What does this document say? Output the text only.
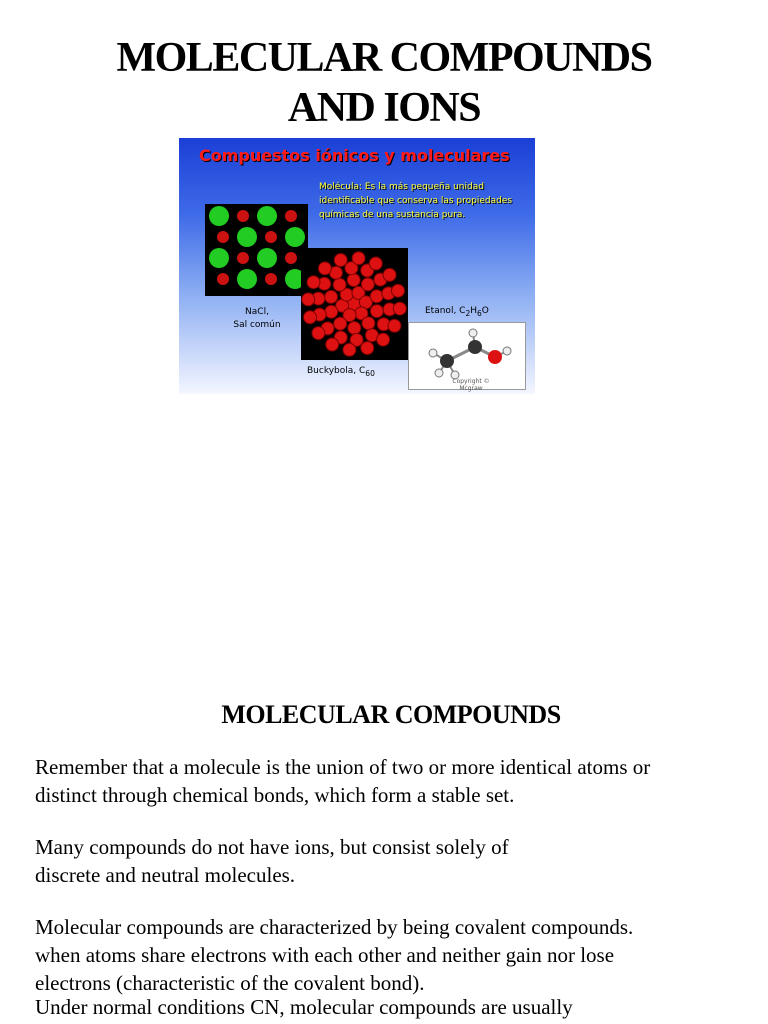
MOLECULAR COMPOUNDS
AND IONS
Compuestos iónicos y moleculares
Molécula: Es la más pequeña unidad identificable que conserva las propiedades químicas de una sustancia pura.
NaCl,
Sal común
Buckybola, $C_{60}$
Etanol, $C_2H_6O$
Copyright © Mcgraw
MOLECULAR COMPOUNDS

Remember that a molecule is the union of two or more identical atoms or
distinct through chemical bonds, which form a stable set.

Many compounds do not have ions, but consist solely of
discrete and neutral molecules.

Molecular compounds are characterized by being covalent compounds.
when atoms share electrons with each other and neither gain nor lose
electrons (characteristic of the covalent bond).

Under normal conditions CN, molecular compounds are usually
